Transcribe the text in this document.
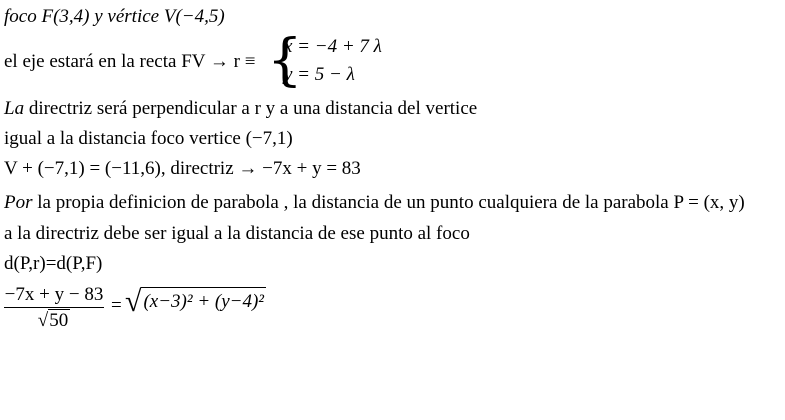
foco F(3,4) y vértice V(−4,5)
el eje estará en la recta FV → r ≡ {
x = −4 + 7 λ
y = 5 − λ
La directriz será perpendicular a r y a una distancia del vertice
igual a la distancia foco vertice (−7,1)
V + (−7,1) = (−11,6), directriz → −7x + y = 83
Por la propia definicion de parabola , la distancia de un punto cualquiera de la parabola P = (x, y)
a la directriz debe ser igual a la distancia de ese punto al foco
d(P,r)=d(P,F)
−7x + y − 83
√50
= √ (x−3)² + (y−4)²
